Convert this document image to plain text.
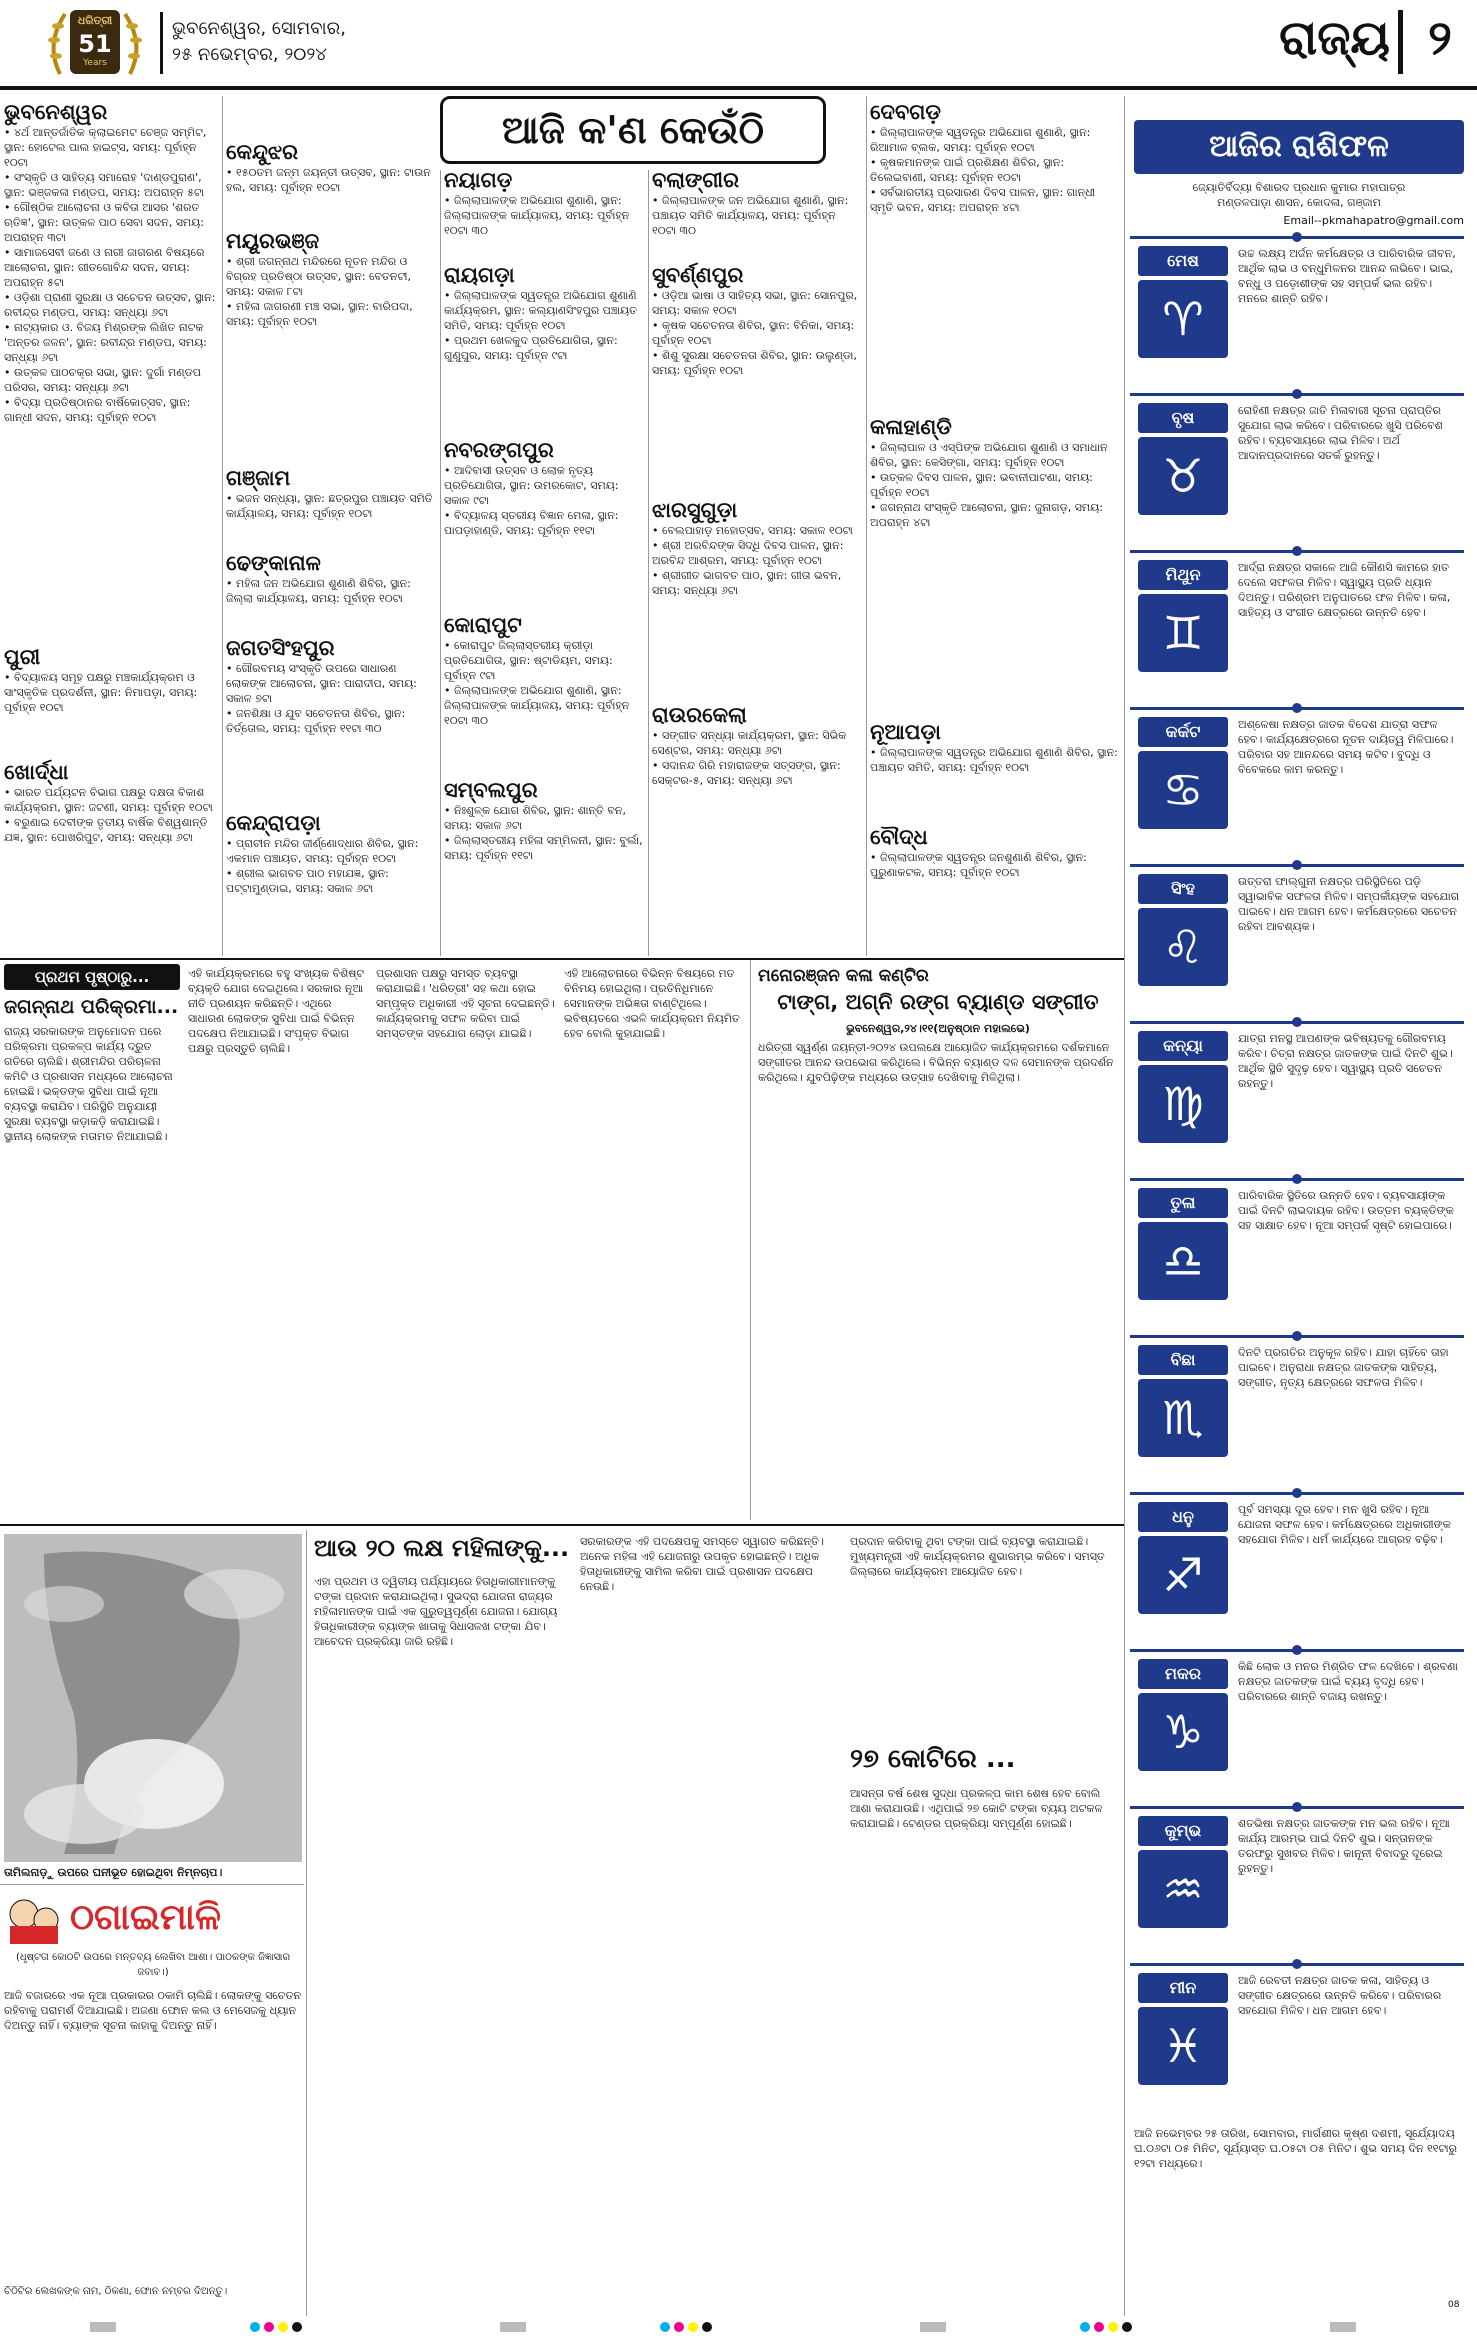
ଧରିତ୍ରୀ
51
Years
ଭୁବନେଶ୍ୱର, ସୋମବାର,
୨୫ ନଭେମ୍ବର, ୨୦୨୪	ରାଜ୍ୟ ୨
ଆଜି କ'ଣ କେଉଁଠି
ଭୁବନେଶ୍ୱର
• ୪ର୍ଥ ଆନ୍ତର୍ଜାତିକ କ୍ଲାଇମେଟ ଚେଞ୍ଜ ସମ୍ମିଟ, ସ୍ଥାନ: ହୋଟେଲ ପାଲ ହାଇଟ୍ସ, ସମୟ: ପୂର୍ବାହ୍ନ ୧୦ଟା
• ସଂସ୍କୃତି ଓ ସାହିତ୍ୟ ସମାରୋହ 'ଦାଣ୍ଡପୁରାଣ', ସ୍ଥାନ: ଭଞ୍ଜକଳା ମଣ୍ଡପ, ସମୟ: ଅପରାହ୍ନ ୫ଟା
• ଗୌଷ୍ଠିକ ଆଲୋଚନା ଓ କବିତା ଆସର 'ଶରତ ଋତିଜ୍ଞ', ସ୍ଥାନ: ଉତ୍କଳ ପାଠ ସେବା ସଦନ, ସମୟ: ଅପରାହ୍ନ ୩ଟା
• ସାମାଜସେବୀ ଜଣେ ଓ ନାରୀ ଜାଗରଣ ବିଷୟରେ ଆଲୋଚନା, ସ୍ଥାନ: ଗୀତଗୋବିନ୍ଦ ସଦନ, ସମୟ: ଅପରାହ୍ନ ୫ଟା
• ଓଡ଼ିଶା ପ୍ରାଣୀ ସୁରକ୍ଷା ଓ ସଚେତନ ଉତ୍ସବ, ସ୍ଥାନ: ରବୀନ୍ଦ୍ର ମଣ୍ଡପ, ସମୟ: ସନ୍ଧ୍ୟା ୬ଟା
• ନାଟ୍ୟକାର ଓ. ବିଜୟ ମିଶ୍ରଙ୍କ ଲିଖିତ ନାଟକ 'ଅନ୍ତର ଜଳନ', ସ୍ଥାନ: ରବୀନ୍ଦ୍ର ମଣ୍ଡପ, ସମୟ: ସନ୍ଧ୍ୟା ୬ଟା
• ଉତ୍କଳ ପାଠଚକ୍ର ସଭା, ସ୍ଥାନ: ଦୁର୍ଗା ମଣ୍ଡପ ପରିସର, ସମୟ: ସନ୍ଧ୍ୟା ୬ଟା
• ବିଦ୍ୟା ପ୍ରତିଷ୍ଠାନର ବାର୍ଷିକୋତ୍ସବ, ସ୍ଥାନ: ଗାନ୍ଧୀ ସଦନ, ସମୟ: ପୂର୍ବାହ୍ନ ୧୦ଟା
ପୁରୀ
• ବିଦ୍ୟାଳୟ ସମୂହ ପକ୍ଷରୁ ମଞ୍ଚକାର୍ଯ୍ୟକ୍ରମ ଓ ସାଂସ୍କୃତିକ ପ୍ରଦର୍ଶନୀ, ସ୍ଥାନ: ନିମାପଡ଼ା, ସମୟ: ପୂର୍ବାହ୍ନ ୧୦ଟା
ଖୋର୍ଦ୍ଧା
• ଭାରତ ପର୍ଯ୍ୟଟନ ବିଭାଗ ପକ୍ଷରୁ ଦକ୍ଷତା ବିକାଶ କାର୍ଯ୍ୟକ୍ରମ, ସ୍ଥାନ: ଜଟଣୀ, ସମୟ: ପୂର୍ବାହ୍ନ ୧୦ଟା
• ବରୁଣାଇ ଦେବୀଙ୍କ ତୃତୀୟ ବାର୍ଷିକ ବିଶ୍ୱଶାନ୍ତି ଯଜ୍ଞ, ସ୍ଥାନ: ପୋଖରିପୁଟ, ସମୟ: ସନ୍ଧ୍ୟା ୬ଟା
କେନ୍ଦୁଝର
• ୧୫୦ତମ ଜନ୍ମ ଜୟନ୍ତୀ ଉତ୍ସବ, ସ୍ଥାନ: ଟାଉନ ହଲ, ସମୟ: ପୂର୍ବାହ୍ନ ୧୦ଟା
ମୟୂରଭଞ୍ଜ
• ଶ୍ରୀ ଜଗନ୍ନାଥ ମନ୍ଦିରରେ ନୂତନ ମନ୍ଦିର ଓ ବିଗ୍ରହ ପ୍ରତିଷ୍ଠା ଉତ୍ସବ, ସ୍ଥାନ: ବେତନଟୀ, ସମୟ: ସକାଳ ୮ଟା
• ମହିଳା ଜାଗରଣୀ ମଞ୍ଚ ସଭା, ସ୍ଥାନ: ବାରିପଦା, ସମୟ: ପୂର୍ବାହ୍ନ ୧୦ଟା
ଗଞ୍ଜାମ
• ଭଜନ ସନ୍ଧ୍ୟା, ସ୍ଥାନ: ଛତ୍ରପୁର ପଞ୍ଚାୟତ ସମିତି କାର୍ଯ୍ୟାଳୟ, ସମୟ: ପୂର୍ବାହ୍ନ ୧୦ଟା
ଢେଙ୍କାନାଳ
• ମହିଳା ଜନ ଅଭିଯୋଗ ଶୁଣାଣି ଶିବିର, ସ୍ଥାନ: ଜିଲ୍ଲା କାର୍ଯ୍ୟାଳୟ, ସମୟ: ପୂର୍ବାହ୍ନ ୧୦ଟା
ଜଗତସିଂହପୁର
• ଗୌରବମୟ ସଂସ୍କୃତି ଉପରେ ସାଧାରଣ ଲୋକଙ୍କ ଆଲୋଚନା, ସ୍ଥାନ: ପାରାଦୀପ, ସମୟ: ସକାଳ ୭ଟା
• ଜନଶିକ୍ଷା ଓ ଯୁବ ସଚେତନତା ଶିବିର, ସ୍ଥାନ: ତିର୍ତ୍ତୋଲ, ସମୟ: ପୂର୍ବାହ୍ନ ୧୧ଟା ୩୦
କେନ୍ଦ୍ରାପଡ଼ା
• ପ୍ରାଚୀନ ମନ୍ଦିର ଜୀର୍ଣ୍ଣୋଦ୍ଧାର ଶିବିର, ସ୍ଥାନ: ଏକମାନ ପଞ୍ଚାୟତ, ସମୟ: ପୂର୍ବାହ୍ନ ୧୦ଟା
• ଶ୍ରୀଲ ଭାଗବତ ପାଠ ମହାଯଜ୍ଞ, ସ୍ଥାନ: ପଟ୍ଟାମୁଣ୍ଡାଇ, ସମୟ: ସକାଳ ୬ଟା
ନୟାଗଡ଼
• ଜିଲ୍ଲାପାଳଙ୍କ ଅଭିଯୋଗ ଶୁଣାଣି, ସ୍ଥାନ: ଜିଲ୍ଲାପାଳଙ୍କ କାର୍ଯ୍ୟାଳୟ, ସମୟ: ପୂର୍ବାହ୍ନ ୧୦ଟା ୩୦
ରାୟଗଡ଼ା
• ଜିଲ୍ଲାପାଳଙ୍କ ସ୍ୱତନ୍ତ୍ର ଅଭିଯୋଗ ଶୁଣାଣି କାର୍ଯ୍ୟକ୍ରମ, ସ୍ଥାନ: କଲ୍ୟାଣସିଂହପୁର ପଞ୍ଚାୟତ ସମିତି, ସମୟ: ପୂର୍ବାହ୍ନ ୧୦ଟା
• ପ୍ରଥମ ଖେଳକୁଦ ପ୍ରତିଯୋଗିତା, ସ୍ଥାନ: ଗୁଣୁପୁର, ସମୟ: ପୂର୍ବାହ୍ନ ୯ଟା
ନବରଙ୍ଗପୁର
• ଆଦିବାସୀ ଉତ୍ସବ ଓ ଲୋକ ନୃତ୍ୟ ପ୍ରତିଯୋଗିତା, ସ୍ଥାନ: ଉମରକୋଟ, ସମୟ: ସକାଳ ୯ଟା
• ବିଦ୍ୟାଳୟ ସ୍ତରୀୟ ବିଜ୍ଞାନ ମେଳା, ସ୍ଥାନ: ପାପଡ଼ାହାଣ୍ଡି, ସମୟ: ପୂର୍ବାହ୍ନ ୧୧ଟା
କୋରାପୁଟ
• କୋରାପୁଟ ଜିଲ୍ଲାସ୍ତରୀୟ କ୍ରୀଡ଼ା ପ୍ରତିଯୋଗିତା, ସ୍ଥାନ: ଷ୍ଟାଡିୟମ, ସମୟ: ପୂର୍ବାହ୍ନ ୯ଟା
• ଜିଲ୍ଲାପାଳଙ୍କ ଅଭିଯୋଗ ଶୁଣାଣି, ସ୍ଥାନ: ଜିଲ୍ଲାପାଳଙ୍କ କାର୍ଯ୍ୟାଳୟ, ସମୟ: ପୂର୍ବାହ୍ନ ୧୦ଟା ୩୦
ସମ୍ବଲପୁର
• ନିଃଶୁଳ୍କ ଯୋଗ ଶିବିର, ସ୍ଥାନ: ଶାନ୍ତି ବନ, ସମୟ: ସକାଳ ୬ଟା
• ଜିଲ୍ଲାସ୍ତରୀୟ ମହିଳା ସମ୍ମିଳନୀ, ସ୍ଥାନ: ବୁର୍ଲା, ସମୟ: ପୂର୍ବାହ୍ନ ୧୧ଟା
ବଲାଙ୍ଗୀର
• ଜିଲ୍ଲାପାଳଙ୍କ ଜନ ଅଭିଯୋଗ ଶୁଣାଣି, ସ୍ଥାନ: ପଞ୍ଚାୟତ ସମିତି କାର୍ଯ୍ୟାଳୟ, ସମୟ: ପୂର୍ବାହ୍ନ ୧୦ଟା ୩୦
ସୁବର୍ଣ୍ଣପୁର
• ଓଡ଼ିଆ ଭାଷା ଓ ସାହିତ୍ୟ ସଭା, ସ୍ଥାନ: ସୋନପୁର, ସମୟ: ସକାଳ ୧୦ଟା
• କୃଷକ ସଚେତନତା ଶିବିର, ସ୍ଥାନ: ବିନିକା, ସମୟ: ପୂର୍ବାହ୍ନ ୧୦ଟା
• ଶିଶୁ ସୁରକ୍ଷା ସଚେତନତା ଶିବିର, ସ୍ଥାନ: ଉଲୁଣ୍ଡା, ସମୟ: ପୂର୍ବାହ୍ନ ୧୦ଟା
ଝାରସୁଗୁଡ଼ା
• ବେଲପାହାଡ଼ ମହୋତ୍ସବ, ସମୟ: ସକାଳ ୧୦ଟା
• ଶ୍ରୀ ଅରବିନ୍ଦଙ୍କ ସିଦ୍ଧି ଦିବସ ପାଳନ, ସ୍ଥାନ: ଅରବିନ୍ଦ ଆଶ୍ରମ, ସମୟ: ପୂର୍ବାହ୍ନ ୧୦ଟା
• ଶ୍ରୀଗୀତ ଭାଗବତ ପାଠ, ସ୍ଥାନ: ଗୀତା ଭବନ, ସମୟ: ସନ୍ଧ୍ୟା ୬ଟା
ରାଉରକେଲା
• ସଙ୍ଗୀତ ସନ୍ଧ୍ୟା କାର୍ଯ୍ୟକ୍ରମ, ସ୍ଥାନ: ସିଭିକ ସେଣ୍ଟର, ସମୟ: ସନ୍ଧ୍ୟା ୬ଟା
• ସଦାନନ୍ଦ ଗିରି ମହାରାଜଙ୍କ ସତ୍ସଙ୍ଗ, ସ୍ଥାନ: ସେକ୍ଟର-୫, ସମୟ: ସନ୍ଧ୍ୟା ୬ଟା
ଦେବଗଡ଼
• ଜିଲ୍ଲାପାଳଙ୍କ ସ୍ୱତନ୍ତ୍ର ଅଭିଯୋଗ ଶୁଣାଣି, ସ୍ଥାନ: ରିଆମାଳ ବ୍ଲକ, ସମୟ: ପୂର୍ବାହ୍ନ ୧୦ଟା
• କୃଷକମାନଙ୍କ ପାଇଁ ପ୍ରଶିକ୍ଷଣ ଶିବିର, ସ୍ଥାନ: ତିଲେଇବାଣୀ, ସମୟ: ପୂର୍ବାହ୍ନ ୧୦ଟା
• ସର୍ବଭାରତୀୟ ପ୍ରସାରଣ ଦିବସ ପାଳନ, ସ୍ଥାନ: ଗାନ୍ଧୀ ସ୍ମୃତି ଭବନ, ସମୟ: ଅପରାହ୍ନ ୪ଟା
କଳାହାଣ୍ଡି
• ଜିଲ୍ଲାପାଳ ଓ ଏସ୍‌ପିଙ୍କ ଅଭିଯୋଗ ଶୁଣାଣି ଓ ସମାଧାନ ଶିବିର, ସ୍ଥାନ: କେସିଙ୍ଗା, ସମୟ: ପୂର୍ବାହ୍ନ ୧୦ଟା
• ଉତ୍କଳ ଦିବସ ପାଳନ, ସ୍ଥାନ: ଭବାନୀପାଟଣା, ସମୟ: ପୂର୍ବାହ୍ନ ୧୦ଟା
• ଜଗନ୍ନାଥ ସଂସ୍କୃତି ଆଲୋଚନା, ସ୍ଥାନ: ଜୁନାଗଡ଼, ସମୟ: ଅପରାହ୍ନ ୪ଟା
ନୂଆପଡ଼ା
• ଜିଲ୍ଲାପାଳଙ୍କ ସ୍ୱତନ୍ତ୍ର ଅଭିଯୋଗ ଶୁଣାଣି ଶିବିର, ସ୍ଥାନ: ପଞ୍ଚାୟତ ସମିତି, ସମୟ: ପୂର୍ବାହ୍ନ ୧୦ଟା
ବୌଦ୍ଧ
• ଜିଲ୍ଲାପାଳଙ୍କ ସ୍ୱତନ୍ତ୍ର ଜନଶୁଣାଣି ଶିବିର, ସ୍ଥାନ: ପୁରୁଣାକଟକ, ସମୟ: ପୂର୍ବାହ୍ନ ୧୦ଟା
ଆଜିର ରାଶିଫଳ
ଜ୍ୟୋତିର୍ବିଦ୍ୟା ବିଶାରଦ ପ୍ରଧାନ କୁମାର ମହାପାତ୍ର
ମଣ୍ଡଳପାଡ଼ା ଶାସନ, କୋଦଳା, ଗଞ୍ଜାମ
Email--pkmahapatro@gmail.com
ମେଷ
♈
ଉଚ୍ଚ ଲକ୍ଷ୍ୟ ଅର୍ଜନ କର୍ମକ୍ଷେତ୍ର ଓ ପାରିବାରିକ ଜୀବନ, ଆର୍ଥିକ ଲାଭ ଓ ବନ୍ଧୁମିଳନର ଆନନ୍ଦ ଲଭିବେ। ଭାଇ, ବନ୍ଧୁ ଓ ପଡ଼ୋଶୀଙ୍କ ସହ ସମ୍ପର୍କ ଭଲ ରହିବ। ମନରେ ଶାନ୍ତି ରହିବ।
ବୃଷ
♉
ରୋହିଣୀ ନକ୍ଷତ୍ର ଜାତି ମିଳାବାରୀ ସୂଚନା ପ୍ରାପ୍ତିର ସୁଯୋଗ ଲାଭ କରିବେ। ପରିବାରରେ ଖୁସି ପରିବେଶ ରହିବ। ବ୍ୟବସାୟରେ ଲାଭ ମିଳିବ। ଅର୍ଥ ଆଦାନପ୍ରଦାନରେ ସତର୍କ ରୁହନ୍ତୁ।
ମିଥୁନ
♊
ଆର୍ଦ୍ରା ନକ୍ଷତ୍ର ସକାଳେ ଆଜି କୌଣସି କାମରେ ହାତ ଦେଲେ ସଫଳତା ମିଳିବ। ସ୍ୱାସ୍ଥ୍ୟ ପ୍ରତି ଧ୍ୟାନ ଦିଅନ୍ତୁ। ପରିଶ୍ରମ ଅନୁପାତରେ ଫଳ ମିଳିବ। କଳା, ସାହିତ୍ୟ ଓ ସଂଗୀତ କ୍ଷେତ୍ରରେ ଉନ୍ନତି ହେବ।
କର୍କଟ
♋
ଅଶ୍ଳେଷା ନକ୍ଷତ୍ର ଜାତକ ବିଦେଶ ଯାତ୍ରା ସଫଳ ହେବ। କାର୍ଯ୍ୟକ୍ଷେତ୍ରରେ ନୂତନ ଦାୟିତ୍ୱ ମିଳିପାରେ। ପରିବାର ସହ ଆନନ୍ଦରେ ସମୟ କଟିବ। ବୁଦ୍ଧି ଓ ବିବେକରେ କାମ କରନ୍ତୁ।
ସିଂହ
♌
ଉତ୍ତରା ଫାଲ୍‌ଗୁନୀ ନକ୍ଷତ୍ର ପରିସ୍ଥିତିରେ ପଡ଼ି ସ୍ୱାଭାବିକ ସଫଳତା ମିଳିବ। ସମ୍ପର୍କୀୟଙ୍କ ସହଯୋଗ ପାଇବେ। ଧନ ଆଗମ ହେବ। କର୍ମକ୍ଷେତ୍ରରେ ସଚେତନ ରହିବା ଆବଶ୍ୟକ।
କନ୍ୟା
♍
ଯାତ୍ରା ମନସ୍ଥ ଆପଣଙ୍କ ଭବିଷ୍ୟତକୁ ଗୌରବମୟ କରିବ। ଚିତ୍ରା ନକ୍ଷତ୍ର ଜାତକଙ୍କ ପାଇଁ ଦିନଟି ଶୁଭ। ଆର୍ଥିକ ସ୍ଥିତି ସୁଦୃଢ଼ ହେବ। ସ୍ୱାସ୍ଥ୍ୟ ପ୍ରତି ସଚେତନ ରହନ୍ତୁ।
ତୁଳା
♎
ପାରିବାରିକ ସ୍ଥିତିରେ ଉନ୍ନତି ହେବ। ବ୍ୟବସାୟୀଙ୍କ ପାଇଁ ଦିନଟି ଲାଭଦାୟକ ରହିବ। ଉତ୍ତମ ବ୍ୟକ୍ତିଙ୍କ ସହ ସାକ୍ଷାତ ହେବ। ନୂଆ ସମ୍ପର୍କ ସୃଷ୍ଟି ହୋଇପାରେ।
ବିଛା
♏
ଦିନଟି ପ୍ରଗତିର ଅନୁକୂଳ ରହିବ। ଯାହା ଚାହିଁବେ ତାହା ପାଇବେ। ଅନୁରାଧା ନକ୍ଷତ୍ର ଜାତକଙ୍କ ସାହିତ୍ୟ, ସଙ୍ଗୀତ, ନୃତ୍ୟ କ୍ଷେତ୍ରରେ ସଫଳତା ମିଳିବ।
ଧନୁ
♐
ପୂର୍ବ ସମସ୍ୟା ଦୂର ହେବ। ମନ ଖୁସି ରହିବ। ନୂଆ ଯୋଜନା ସଫଳ ହେବ। କର୍ମକ୍ଷେତ୍ରରେ ଅଧିକାରୀଙ୍କ ସହଯୋଗ ମିଳିବ। ଧର୍ମ କାର୍ଯ୍ୟରେ ଆଗ୍ରହ ବଢ଼ିବ।
ମକର
♑
କିଛି ଲୋକ ଓ ମନର ମିଶ୍ରିତ ଫଳ ଦେଖିବେ। ଶ୍ରବଣା ନକ୍ଷତ୍ର ଜାତକଙ୍କ ପାଇଁ ବ୍ୟୟ ବୃଦ୍ଧି ହେବ। ପରିବାରରେ ଶାନ୍ତି ବଜାୟ ରଖନ୍ତୁ।
କୁମ୍ଭ
♒
ଶତଭିଷା ନକ୍ଷତ୍ର ଜାତକଙ୍କ ମନ ଭଲ ରହିବ। ନୂଆ କାର୍ଯ୍ୟ ଆରମ୍ଭ ପାଇଁ ଦିନଟି ଶୁଭ। ସନ୍ତାନଙ୍କ ତରଫରୁ ସୁଖବର ମିଳିବ। କାନୂନୀ ବିବାଦରୁ ଦୂରେଇ ରୁହନ୍ତୁ।
ମୀନ
♓
ଆଜି ରେବତୀ ନକ୍ଷତ୍ର ଜାତକ କଳା, ସାହିତ୍ୟ ଓ ସଙ୍ଗୀତ କ୍ଷେତ୍ରରେ ଉନ୍ନତି କରିବେ। ପରିବାରର ସହଯୋଗ ମିଳିବ। ଧନ ଆଗମ ହେବ।
ଆଜି ନଭେମ୍ବର ୨୫ ତାରିଖ, ସୋମବାର, ମାର୍ଗଶୀର କୃଷ୍ଣ ଦଶମୀ, ସୂର୍ଯ୍ୟୋଦୟ ଘ.୦୬ଟା ୦୫ ମିନିଟ, ସୂର୍ଯ୍ୟାସ୍ତ ଘ.୦୫ଟା ୦୫ ମିନିଟ। ଶୁଭ ସମୟ ଦିନ ୧୧ଟାରୁ ୧୨ଟା ମଧ୍ୟରେ।
ପ୍ରଥମ ପୃଷ୍ଠାରୁ...
ଜଗନ୍ନାଥ ପରିକ୍ରମା...
ରାଜ୍ୟ ସରକାରଙ୍କ ଅନୁମୋଦନ ପରେ ପରିକ୍ରମା ପ୍ରକଳ୍ପ କାର୍ଯ୍ୟ ଦ୍ରୁତ ଗତିରେ ଚାଲିଛି। ଶ୍ରୀମନ୍ଦିର ପରିଚାଳନା କମିଟି ଓ ପ୍ରଶାସନ ମଧ୍ୟରେ ଆଲୋଚନା ହୋଇଛି। ଭକ୍ତଙ୍କ ସୁବିଧା ପାଇଁ ନୂଆ ବ୍ୟବସ୍ଥା କରାଯିବ। ପରିସ୍ଥିତି ଅନୁଯାୟୀ ସୁରକ୍ଷା ବ୍ୟବସ୍ଥା କଡ଼ାକଡ଼ି କରାଯାଇଛି। ସ୍ଥାନୀୟ ଲୋକଙ୍କ ମତାମତ ନିଆଯାଇଛି।
ଏହି କାର୍ଯ୍ୟକ୍ରମରେ ବହୁ ସଂଖ୍ୟକ ବିଶିଷ୍ଟ ବ୍ୟକ୍ତି ଯୋଗ ଦେଇଥିଲେ। ସରକାର ନୂଆ ନୀତି ପ୍ରଣୟନ କରିଛନ୍ତି। ଏଥିରେ ସାଧାରଣ ଲୋକଙ୍କ ସୁବିଧା ପାଇଁ ବିଭିନ୍ନ ପଦକ୍ଷେପ ନିଆଯାଇଛି। ସଂପୃକ୍ତ ବିଭାଗ ପକ୍ଷରୁ ପ୍ରସ୍ତୁତି ଚାଲିଛି।
ପ୍ରଶାସନ ପକ୍ଷରୁ ସମସ୍ତ ବ୍ୟବସ୍ଥା କରାଯାଇଛି। 'ଧରିତ୍ରୀ' ସହ କଥା ହୋଇ ସମ୍ପୃକ୍ତ ଅଧିକାରୀ ଏହି ସୂଚନା ଦେଇଛନ୍ତି। କାର୍ଯ୍ୟକ୍ରମକୁ ସଫଳ କରିବା ପାଇଁ ସମସ୍ତଙ୍କ ସହଯୋଗ ଲୋଡ଼ା ଯାଇଛି।
ଏହି ଆଲୋଚନାରେ ବିଭିନ୍ନ ବିଷୟରେ ମତ ବିନିମୟ ହୋଇଥିଲା। ପ୍ରତିନିଧିମାନେ ସେମାନଙ୍କ ଅଭିଜ୍ଞତା ବାଣ୍ଟିଥିଲେ। ଭବିଷ୍ୟତରେ ଏଭଳି କାର୍ଯ୍ୟକ୍ରମ ନିୟମିତ ହେବ ବୋଲି କୁହାଯାଇଛି।
ମନୋରଞ୍ଜନ କଳା କଣ୍ଟିର
ଟାଙ୍ଗ, ଅଗ୍ନି ରଙ୍ଗ ବ୍ୟାଣ୍ଡ ସଙ୍ଗୀତ
ଭୁବନେଶ୍ୱର,୨୪।୧୧(ଅନୁଷ୍ଠାନ ମହାଲଭେ)
ଧରିତ୍ରୀ ସ୍ୱର୍ଣ୍ଣ ଜୟନ୍ତୀ-୨୦୨୪ ଉପଲକ୍ଷେ ଆୟୋଜିତ କାର୍ଯ୍ୟକ୍ରମରେ ଦର୍ଶକମାନେ ସଙ୍ଗୀତର ଆନନ୍ଦ ଉପଭୋଗ କରିଥିଲେ। ବିଭିନ୍ନ ବ୍ୟାଣ୍ଡ ଦଳ ସେମାନଙ୍କ ପ୍ରଦର୍ଶନ କରିଥିଲେ। ଯୁବପିଢ଼ିଙ୍କ ମଧ୍ୟରେ ଉତ୍ସାହ ଦେଖିବାକୁ ମିଳିଥିଲା।
ତାମିଲନାଡ଼ୁ ଉପରେ ଘନୀଭୂତ ହୋଇଥିବା ନିମ୍ନଚାପ।
ଠଗାଇମାଳି
(ଧୃଷ୍ଟତା କୋଠଟି ଉପରେ ମନ୍ତବ୍ୟ ଲେଖିବା ଆଶା। ପାଠକଙ୍କ ଜିଜ୍ଞାସାର ଜବାବ।)
ଆଜି ବଜାରରେ ଏକ ନୂଆ ପ୍ରକାରର ଠକାମି ଚାଲିଛି। ଲୋକଙ୍କୁ ସଚେତନ ରହିବାକୁ ପରାମର୍ଶ ଦିଆଯାଇଛି। ଅଜଣା ଫୋନ କଲ ଓ ମେସେଜକୁ ଧ୍ୟାନ ଦିଅନ୍ତୁ ନାହିଁ। ବ୍ୟାଙ୍କ ସୂଚନା କାହାକୁ ଦିଅନ୍ତୁ ନାହିଁ।
ଚିଠିଟିର ଲେଖକଙ୍କ ନାମ, ଠିକଣା, ଫୋନ ନମ୍ବର ଦିଅନ୍ତୁ।
ଆଉ ୨୦ ଲକ୍ଷ ମହିଳାଙ୍କୁ...
ଏହା ପ୍ରଥମ ଓ ଦ୍ୱିତୀୟ ପର୍ଯ୍ୟାୟରେ ହିତାଧିକାରୀମାନଙ୍କୁ ଟଙ୍କା ପ୍ରଦାନ କରାଯାଇଥିଲା। ସୁଭଦ୍ରା ଯୋଜନା ରାଜ୍ୟର ମହିଳାମାନଙ୍କ ପାଇଁ ଏକ ଗୁରୁତ୍ୱପୂର୍ଣ୍ଣ ଯୋଜନା। ଯୋଗ୍ୟ ହିତାଧିକାରୀଙ୍କ ବ୍ୟାଙ୍କ ଖାତାକୁ ସିଧାସଳଖ ଟଙ୍କା ଯିବ। ଆବେଦନ ପ୍ରକ୍ରିୟା ଜାରି ରହିଛି।
ସରକାରଙ୍କ ଏହି ପଦକ୍ଷେପକୁ ସମସ୍ତେ ସ୍ୱାଗତ କରିଛନ୍ତି। ଅନେକ ମହିଳା ଏହି ଯୋଜନାରୁ ଉପକୃତ ହୋଇଛନ୍ତି। ଅଧିକ ହିତାଧିକାରୀଙ୍କୁ ସାମିଲ କରିବା ପାଇଁ ପ୍ରଶାସନ ପଦକ୍ଷେପ ନେଉଛି।
ପ୍ରଦାନ କରିବାକୁ ଥିବା ଟଙ୍କା ପାଇଁ ବ୍ୟବସ୍ଥା କରାଯାଇଛି। ମୁଖ୍ୟମନ୍ତ୍ରୀ ଏହି କାର୍ଯ୍ୟକ୍ରମର ଶୁଭାରମ୍ଭ କରିବେ। ସମସ୍ତ ଜିଲ୍ଲାରେ କାର୍ଯ୍ୟକ୍ରମ ଆୟୋଜିତ ହେବ।
୨୭ କୋଟିରେ ...
ଆସନ୍ତା ବର୍ଷ ଶେଷ ସୁଦ୍ଧା ପ୍ରକଳ୍ପ କାମ ଶେଷ ହେବ ବୋଲି ଆଶା କରାଯାଉଛି। ଏଥିପାଇଁ ୨୭ କୋଟି ଟଙ୍କା ବ୍ୟୟ ଅଟକଳ କରାଯାଇଛି। ଟେଣ୍ଡର ପ୍ରକ୍ରିୟା ସମ୍ପୂର୍ଣ୍ଣ ହୋଇଛି।
08
